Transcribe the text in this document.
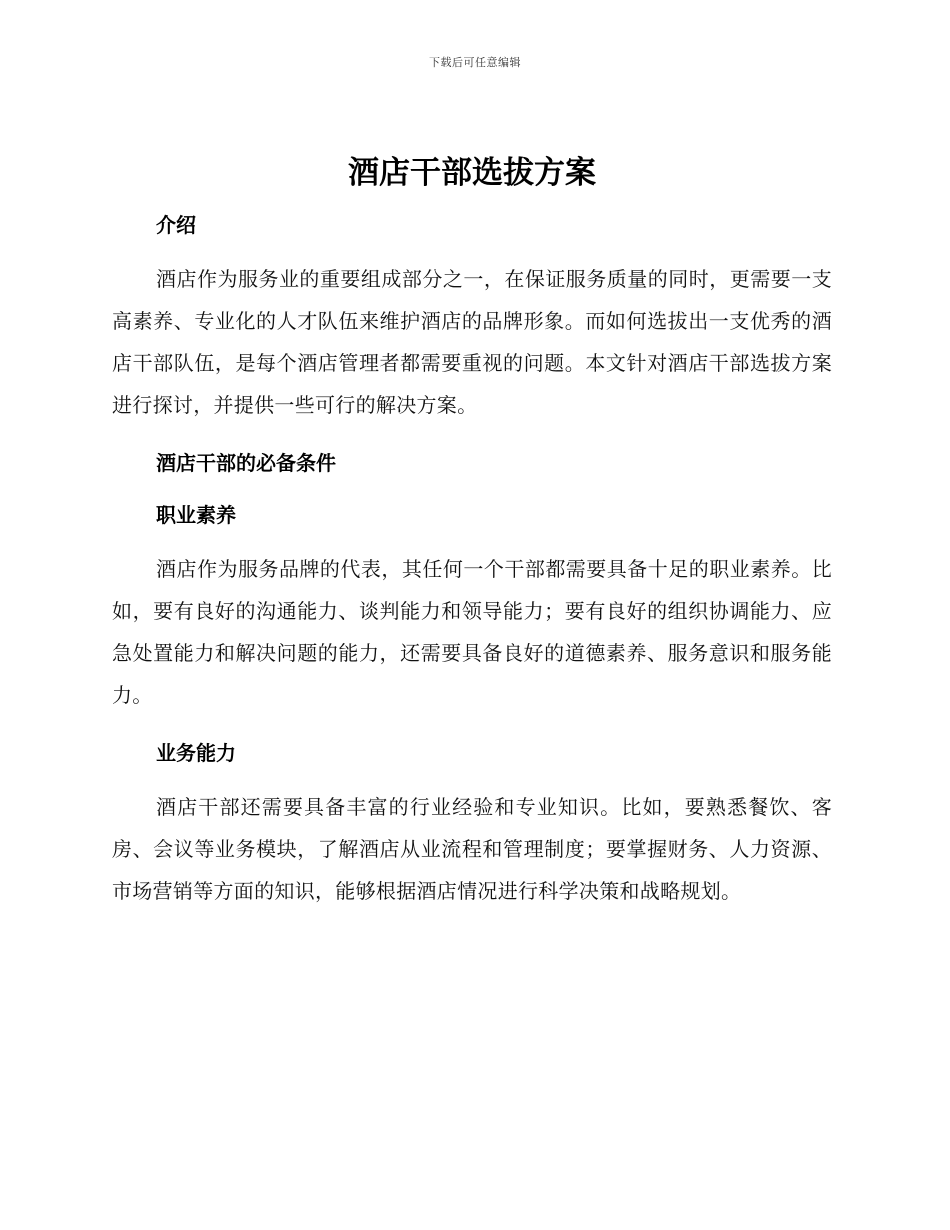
下载后可任意编辑
酒店干部选拔方案
介绍

酒店作为服务业的重要组成部分之一，在保证服务质量的同时，更需要一支高素养、专业化的人才队伍来维护酒店的品牌形象。而如何选拔出一支优秀的酒店干部队伍，是每个酒店管理者都需要重视的问题。本文针对酒店干部选拔方案进行探讨，并提供一些可行的解决方案。

酒店干部的必备条件
职业素养

酒店作为服务品牌的代表，其任何一个干部都需要具备十足的职业素养。比如，要有良好的沟通能力、谈判能力和领导能力；要有良好的组织协调能力、应急处置能力和解决问题的能力，还需要具备良好的道德素养、服务意识和服务能力。

业务能力

酒店干部还需要具备丰富的行业经验和专业知识。比如，要熟悉餐饮、客房、会议等业务模块，了解酒店从业流程和管理制度；要掌握财务、人力资源、市场营销等方面的知识，能够根据酒店情况进行科学决策和战略规划。
